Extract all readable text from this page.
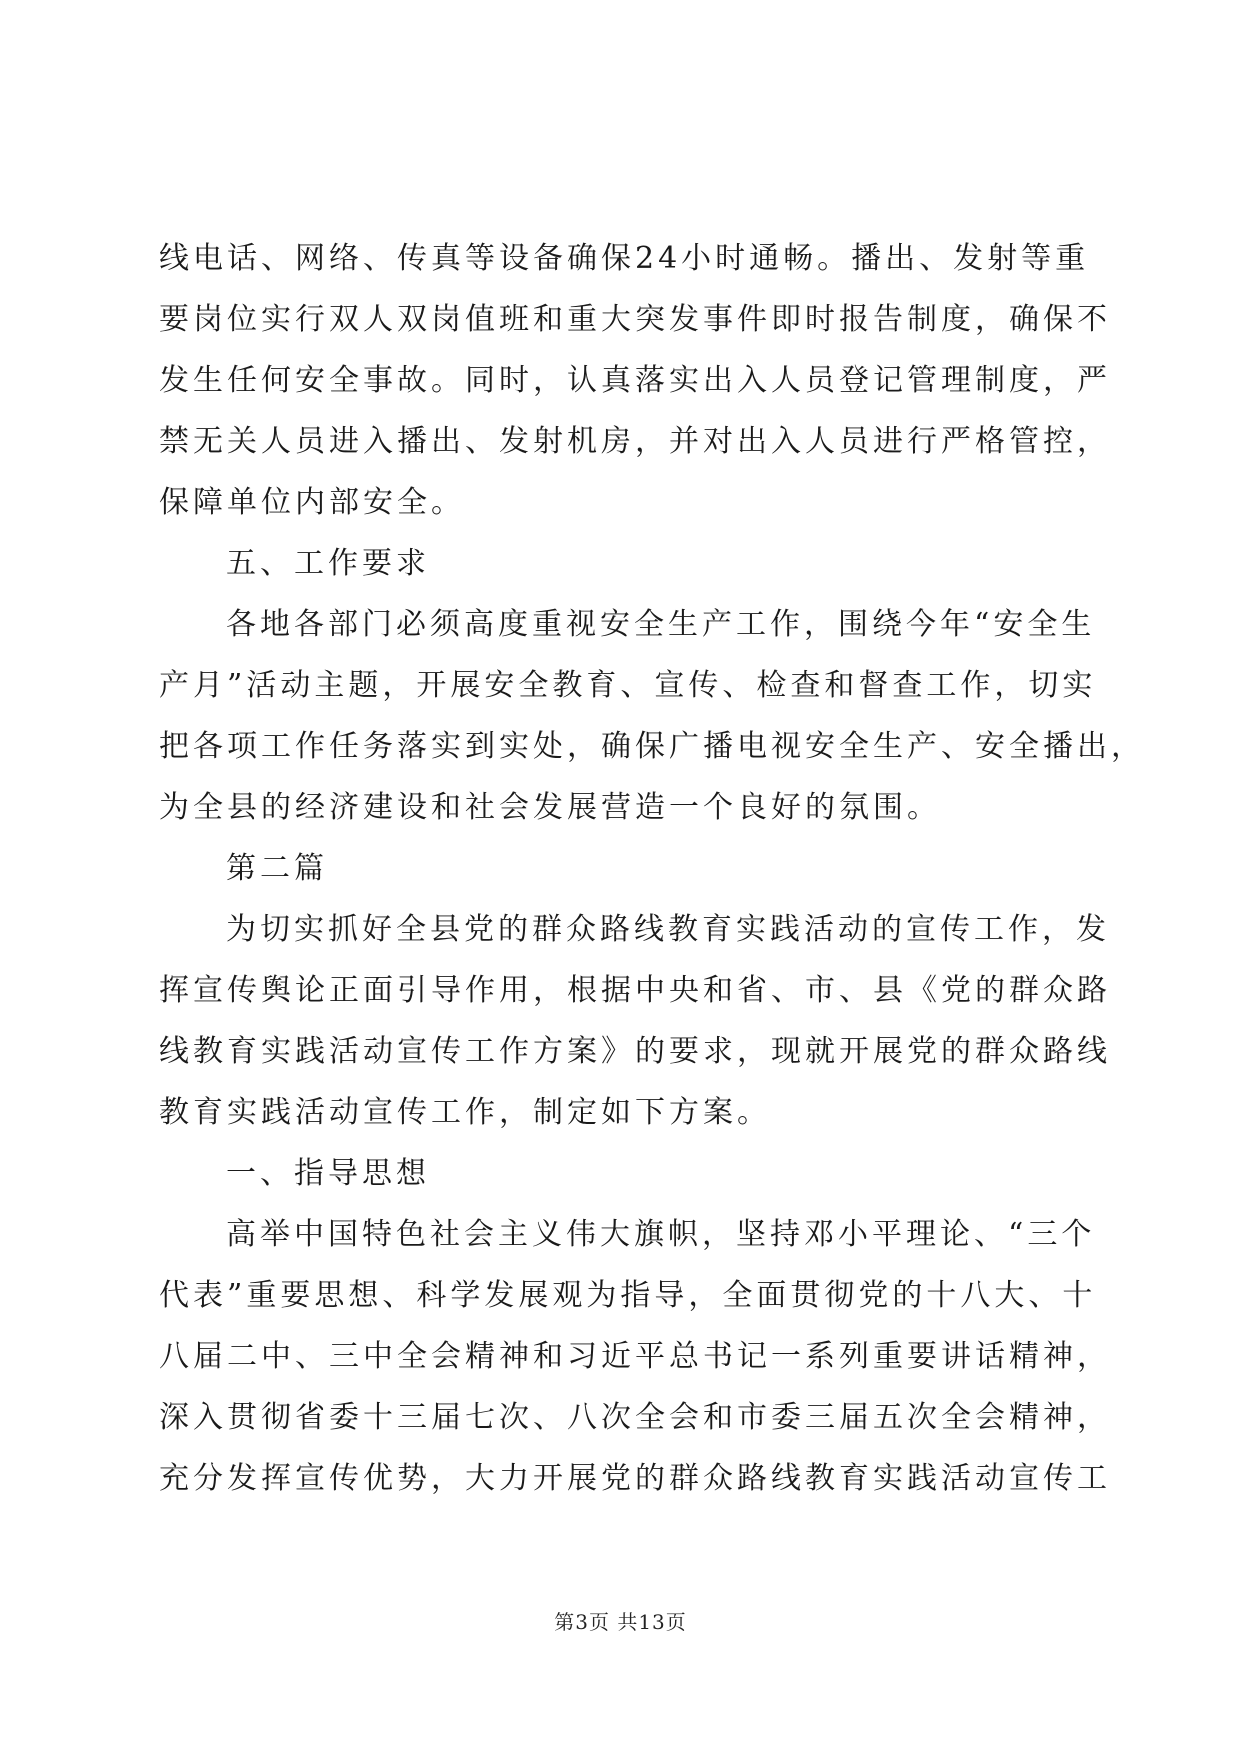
线电话、网络、传真等设备确保24小时通畅。播出、发射等重
要岗位实行双人双岗值班和重大突发事件即时报告制度，确保不
发生任何安全事故。同时，认真落实出入人员登记管理制度，严
禁无关人员进入播出、发射机房，并对出入人员进行严格管控，
保障单位内部安全。
五、工作要求
各地各部门必须高度重视安全生产工作，围绕今年“安全生
产月”活动主题，开展安全教育、宣传、检查和督查工作，切实
把各项工作任务落实到实处，确保广播电视安全生产、安全播出，
为全县的经济建设和社会发展营造一个良好的氛围。
第二篇
为切实抓好全县党的群众路线教育实践活动的宣传工作，发
挥宣传舆论正面引导作用，根据中央和省、市、县《党的群众路
线教育实践活动宣传工作方案》的要求，现就开展党的群众路线
教育实践活动宣传工作，制定如下方案。
一、指导思想
高举中国特色社会主义伟大旗帜，坚持邓小平理论、“三个
代表”重要思想、科学发展观为指导，全面贯彻党的十八大、十
八届二中、三中全会精神和习近平总书记一系列重要讲话精神，
深入贯彻省委十三届七次、八次全会和市委三届五次全会精神，
充分发挥宣传优势，大力开展党的群众路线教育实践活动宣传工
第3页 共13页
